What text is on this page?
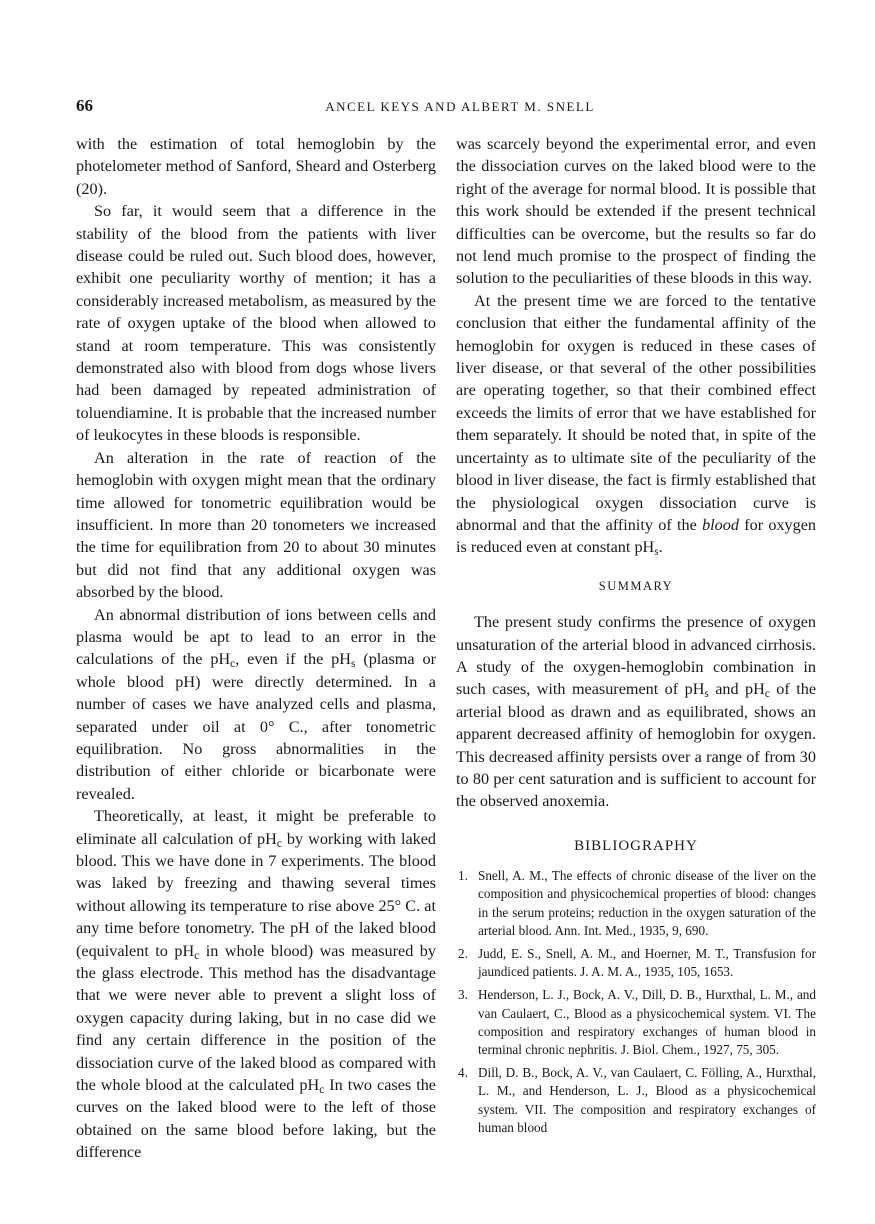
66	ANCEL KEYS AND ALBERT M. SNELL

with the estimation of total hemoglobin by the photelometer method of Sanford, Sheard and Osterberg (20).

So far, it would seem that a difference in the stability of the blood from the patients with liver disease could be ruled out. Such blood does, however, exhibit one peculiarity worthy of mention; it has a considerably increased metabolism, as measured by the rate of oxygen uptake of the blood when allowed to stand at room temperature. This was consistently demonstrated also with blood from dogs whose livers had been damaged by repeated administration of toluendiamine. It is probable that the increased number of leukocytes in these bloods is responsible.

An alteration in the rate of reaction of the hemoglobin with oxygen might mean that the ordinary time allowed for tonometric equilibration would be insufficient. In more than 20 tonometers we increased the time for equilibration from 20 to about 30 minutes but did not find that any additional oxygen was absorbed by the blood.

An abnormal distribution of ions between cells and plasma would be apt to lead to an error in the calculations of the $pH_c$, even if the $pH_s$ (plasma or whole blood pH) were directly determined. In a number of cases we have analyzed cells and plasma, separated under oil at 0° C., after tonometric equilibration. No gross abnormalities in the distribution of either chloride or bicarbonate were revealed.

Theoretically, at least, it might be preferable to eliminate all calculation of $pH_c$ by working with laked blood. This we have done in 7 experiments. The blood was laked by freezing and thawing several times without allowing its temperature to rise above 25° C. at any time before tonometry. The pH of the laked blood (equivalent to $pH_c$ in whole blood) was measured by the glass electrode. This method has the disadvantage that we were never able to prevent a slight loss of oxygen capacity during laking, but in no case did we find any certain difference in the position of the dissociation curve of the laked blood as compared with the whole blood at the calculated $pH_c$ In two cases the curves on the laked blood were to the left of those obtained on the same blood before laking, but the difference

was scarcely beyond the experimental error, and even the dissociation curves on the laked blood were to the right of the average for normal blood. It is possible that this work should be extended if the present technical difficulties can be overcome, but the results so far do not lend much promise to the prospect of finding the solution to the peculiarities of these bloods in this way.

At the present time we are forced to the tentative conclusion that either the fundamental affinity of the hemoglobin for oxygen is reduced in these cases of liver disease, or that several of the other possibilities are operating together, so that their combined effect exceeds the limits of error that we have established for them separately. It should be noted that, in spite of the uncertainty as to ultimate site of the peculiarity of the blood in liver disease, the fact is firmly established that the physiological oxygen dissociation curve is abnormal and that the affinity of the blood for oxygen is reduced even at constant $pH_s$.

SUMMARY

The present study confirms the presence of oxygen unsaturation of the arterial blood in advanced cirrhosis. A study of the oxygen-hemoglobin combination in such cases, with measurement of $pH_s$ and $pH_c$ of the arterial blood as drawn and as equilibrated, shows an apparent decreased affinity of hemoglobin for oxygen. This decreased affinity persists over a range of from 30 to 80 per cent saturation and is sufficient to account for the observed anoxemia.

BIBLIOGRAPHY
1. Snell, A. M., The effects of chronic disease of the liver on the composition and physicochemical properties of blood: changes in the serum proteins; reduction in the oxygen saturation of the arterial blood. Ann. Int. Med., 1935, 9, 690.
2. Judd, E. S., Snell, A. M., and Hoerner, M. T., Transfusion for jaundiced patients. J. A. M. A., 1935, 105, 1653.
3. Henderson, L. J., Bock, A. V., Dill, D. B., Hurxthal, L. M., and van Caulaert, C., Blood as a physicochemical system. VI. The composition and respiratory exchanges of human blood in terminal chronic nephritis. J. Biol. Chem., 1927, 75, 305.
4. Dill, D. B., Bock, A. V., van Caulaert, C. Fölling, A., Hurxthal, L. M., and Henderson, L. J., Blood as a physicochemical system. VII. The composition and respiratory exchanges of human blood
